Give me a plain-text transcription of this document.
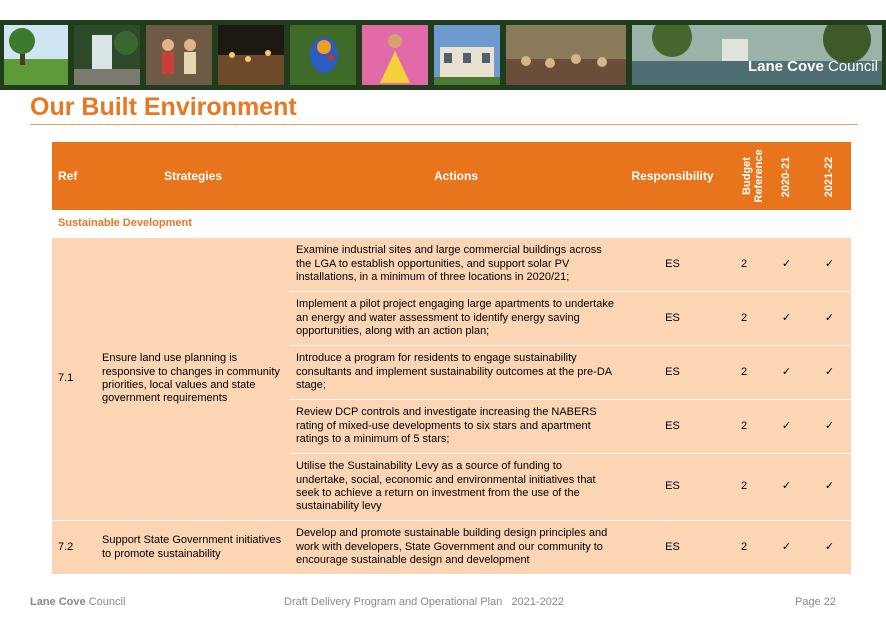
Lane Cove Council
Our Built Environment
Ref	Strategies	Actions	Responsibility	Budget Reference	2020-21	2021-22
Sustainable Development						
7.1	Ensure land use planning is responsive to changes in community priorities, local values and state government requirements	Examine industrial sites and large commercial buildings across the LGA to establish opportunities, and support solar PV installations, in a minimum of three locations in 2020/21;	ES	2	✓	✓
		Implement a pilot project engaging large apartments to undertake an energy and water assessment to identify energy saving opportunities, along with an action plan;	ES	2	✓	✓
		Introduce a program for residents to engage sustainability consultants and implement sustainability outcomes at the pre-DA stage;	ES	2	✓	✓
		Review DCP controls and investigate increasing the NABERS rating of mixed-use developments to six stars and apartment ratings to a minimum of 5 stars;	ES	2	✓	✓
		Utilise the Sustainability Levy as a source of funding to undertake, social, economic and environmental initiatives that seek to achieve a return on investment from the use of the sustainability levy	ES	2	✓	✓
7.2	Support State Government initiatives to promote sustainability	Develop and promote sustainable building design principles and work with developers, State Government and our community to encourage sustainable design and development	ES	2	✓	✓
Lane Cove Council	Draft Delivery Program and Operational Plan 2021-2022	Page 22
